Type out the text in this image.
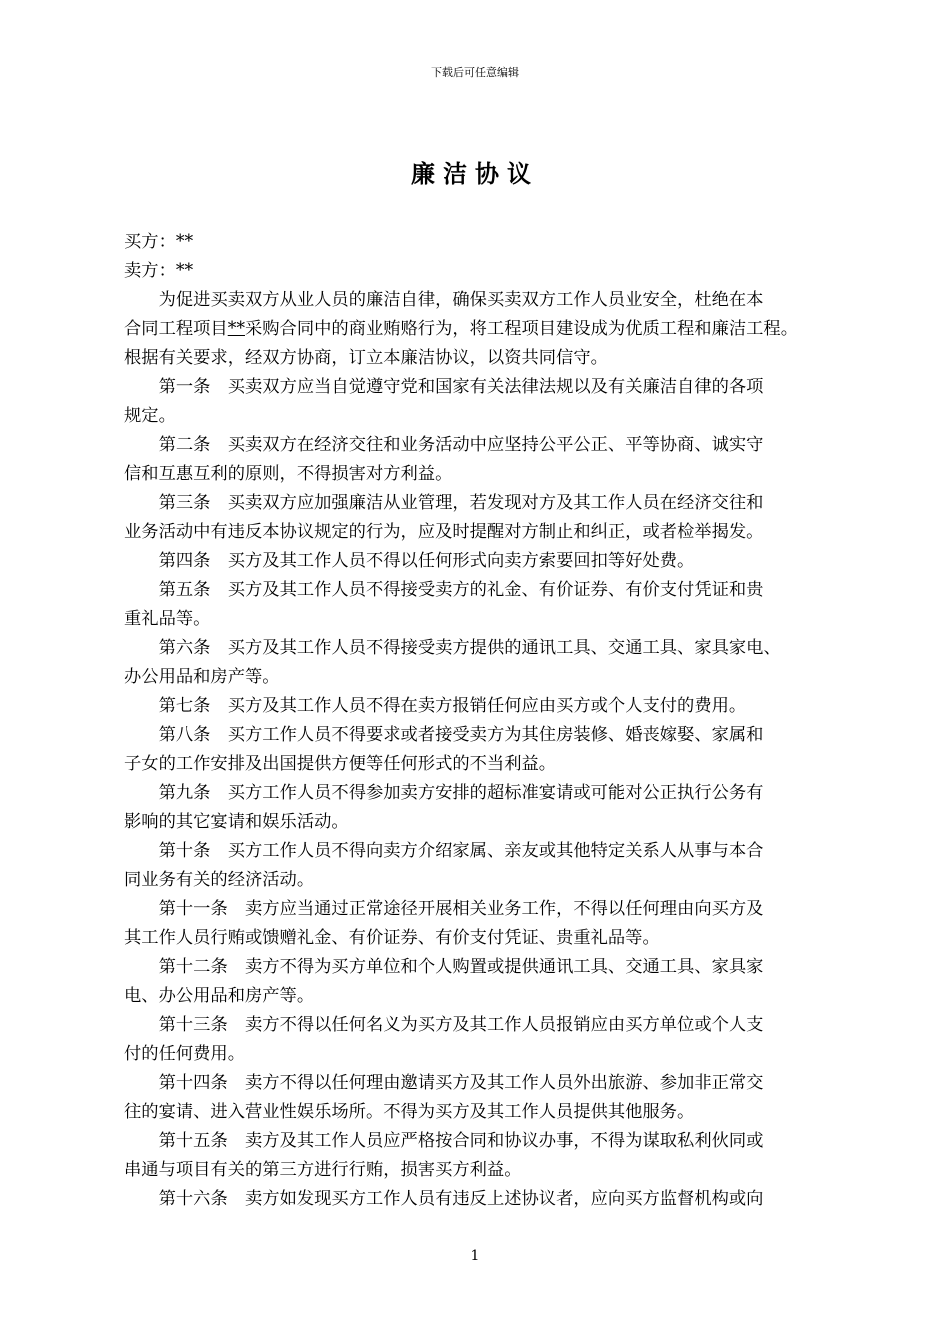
下载后可任意编辑
廉洁协议
买方：**
卖方：**
为促进买卖双方从业人员的廉洁自律，确保买卖双方工作人员业安全，杜绝在本
合同工程项目**采购合同中的商业贿赂行为，将工程项目建设成为优质工程和廉洁工程。
根据有关要求，经双方协商，订立本廉洁协议，以资共同信守。
第一条　买卖双方应当自觉遵守党和国家有关法律法规以及有关廉洁自律的各项
规定。
第二条　买卖双方在经济交往和业务活动中应坚持公平公正、平等协商、诚实守
信和互惠互利的原则，不得损害对方利益。
第三条　买卖双方应加强廉洁从业管理，若发现对方及其工作人员在经济交往和
业务活动中有违反本协议规定的行为，应及时提醒对方制止和纠正，或者检举揭发。
第四条　买方及其工作人员不得以任何形式向卖方索要回扣等好处费。
第五条　买方及其工作人员不得接受卖方的礼金、有价证券、有价支付凭证和贵
重礼品等。
第六条　买方及其工作人员不得接受卖方提供的通讯工具、交通工具、家具家电、
办公用品和房产等。
第七条　买方及其工作人员不得在卖方报销任何应由买方或个人支付的费用。
第八条　买方工作人员不得要求或者接受卖方为其住房装修、婚丧嫁娶、家属和
子女的工作安排及出国提供方便等任何形式的不当利益。
第九条　买方工作人员不得参加卖方安排的超标准宴请或可能对公正执行公务有
影响的其它宴请和娱乐活动。
第十条　买方工作人员不得向卖方介绍家属、亲友或其他特定关系人从事与本合
同业务有关的经济活动。
第十一条　卖方应当通过正常途径开展相关业务工作，不得以任何理由向买方及
其工作人员行贿或馈赠礼金、有价证券、有价支付凭证、贵重礼品等。
第十二条　卖方不得为买方单位和个人购置或提供通讯工具、交通工具、家具家
电、办公用品和房产等。
第十三条　卖方不得以任何名义为买方及其工作人员报销应由买方单位或个人支
付的任何费用。
第十四条　卖方不得以任何理由邀请买方及其工作人员外出旅游、参加非正常交
往的宴请、进入营业性娱乐场所。不得为买方及其工作人员提供其他服务。
第十五条　卖方及其工作人员应严格按合同和协议办事，不得为谋取私利伙同或
串通与项目有关的第三方进行行贿，损害买方利益。
第十六条　卖方如发现买方工作人员有违反上述协议者，应向买方监督机构或向
1
